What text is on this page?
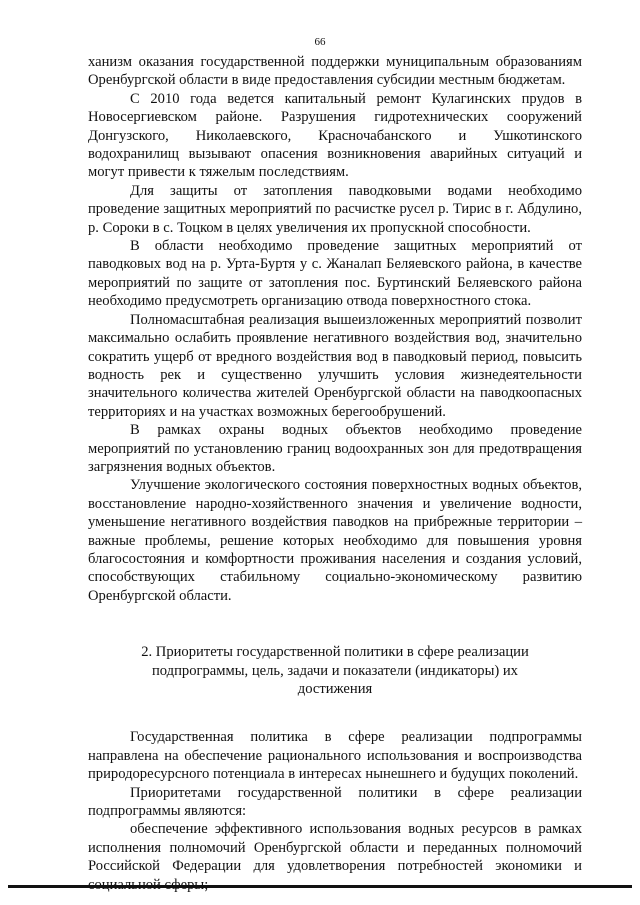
66

ханизм оказания государственной поддержки муниципальным образованиям Оренбургской области в виде предоставления субсидии местным бюджетам.

С 2010 года ведется капитальный ремонт Кулагинских прудов в Новосергиевском районе. Разрушения гидротехнических сооружений Донгузского, Николаевского, Красночабанского и Ушкотинского водохранилищ вызывают опасения возникновения аварийных ситуаций и могут привести к тяжелым последствиям.

Для защиты от затопления паводковыми водами необходимо проведение защитных мероприятий по расчистке русел р. Тирис в г. Абдулино, р. Сороки в с. Тоцком в целях увеличения их пропускной способности.

В области необходимо проведение защитных мероприятий от паводковых вод на р. Урта-Буртя у с. Жаналап Беляевского района, в качестве мероприятий по защите от затопления пос. Буртинский Беляевского района необходимо предусмотреть организацию отвода поверхностного стока.

Полномасштабная реализация вышеизложенных мероприятий позволит максимально ослабить проявление негативного воздействия вод, значительно сократить ущерб от вредного воздействия вод в паводковый период, повысить водность рек и существенно улучшить условия жизнедеятельности значительного количества жителей Оренбургской области на паводкоопасных территориях и на участках возможных берегообрушений.

В рамках охраны водных объектов необходимо проведение мероприятий по установлению границ водоохранных зон для предотвращения загрязнения водных объектов.

Улучшение экологического состояния поверхностных водных объектов, восстановление народно-хозяйственного значения и увеличение водности, уменьшение негативного воздействия паводков на прибрежные территории – важные проблемы, решение которых необходимо для повышения уровня благосостояния и комфортности проживания населения и создания условий, способствующих стабильному социально-экономическому развитию Оренбургской области.

2. Приоритеты государственной политики в сфере реализации
подпрограммы, цель, задачи и показатели (индикаторы) их
достижения

Государственная политика в сфере реализации подпрограммы направлена на обеспечение рационального использования и воспроизводства природоресурсного потенциала в интересах нынешнего и будущих поколений.

Приоритетами государственной политики в сфере реализации подпрограммы являются:

обеспечение эффективного использования водных ресурсов в рамках исполнения полномочий Оренбургской области и переданных полномочий Российской Федерации для удовлетворения потребностей экономики и
